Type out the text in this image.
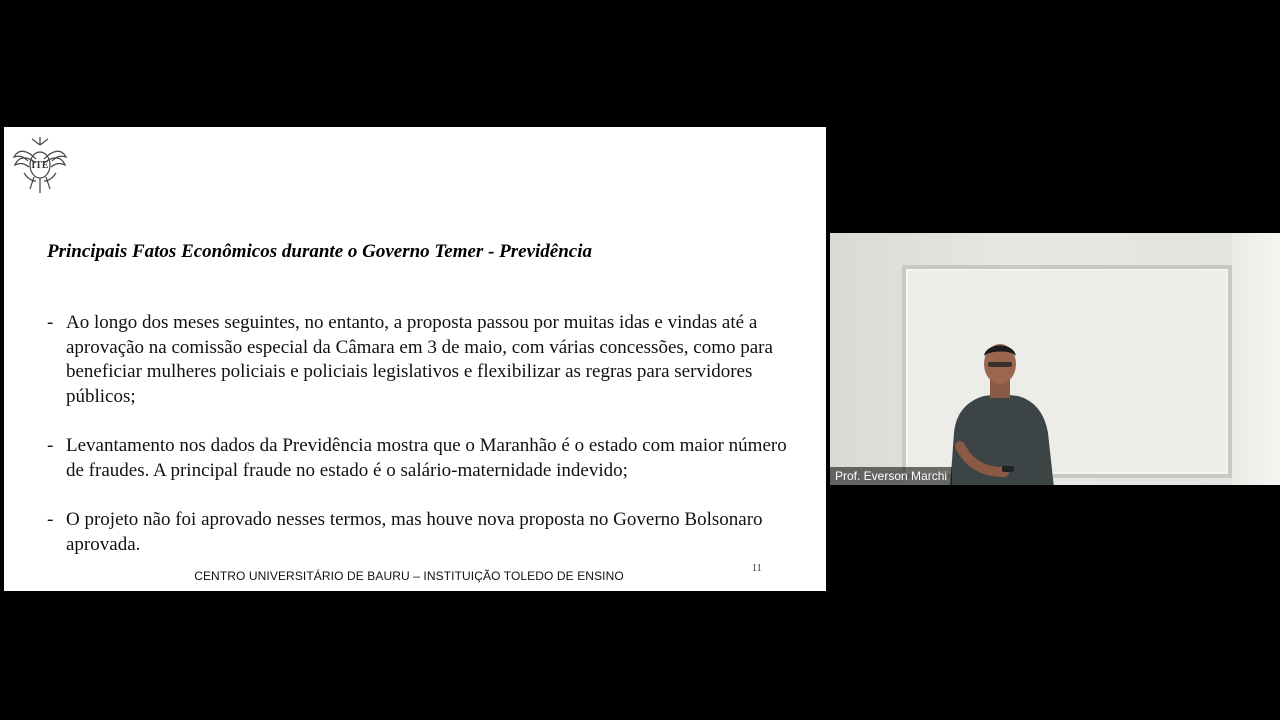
ITE
Principais Fatos Econômicos durante o Governo Temer - Previdência
- Ao longo dos meses seguintes, no entanto, a proposta passou por muitas idas e vindas até a aprovação na comissão especial da Câmara em 3 de maio, com várias concessões, como para beneficiar mulheres policiais e policiais legislativos e flexibilizar as regras para servidores públicos;
- Levantamento nos dados da Previdência mostra que o Maranhão é o estado com maior número de fraudes. A principal fraude no estado é o salário-maternidade indevido;
- O projeto não foi aprovado nesses termos, mas houve nova proposta no Governo Bolsonaro aprovada.
11
CENTRO UNIVERSITÁRIO DE BAURU – INSTITUIÇÃO TOLEDO DE ENSINO
Prof. Everson Marchi
